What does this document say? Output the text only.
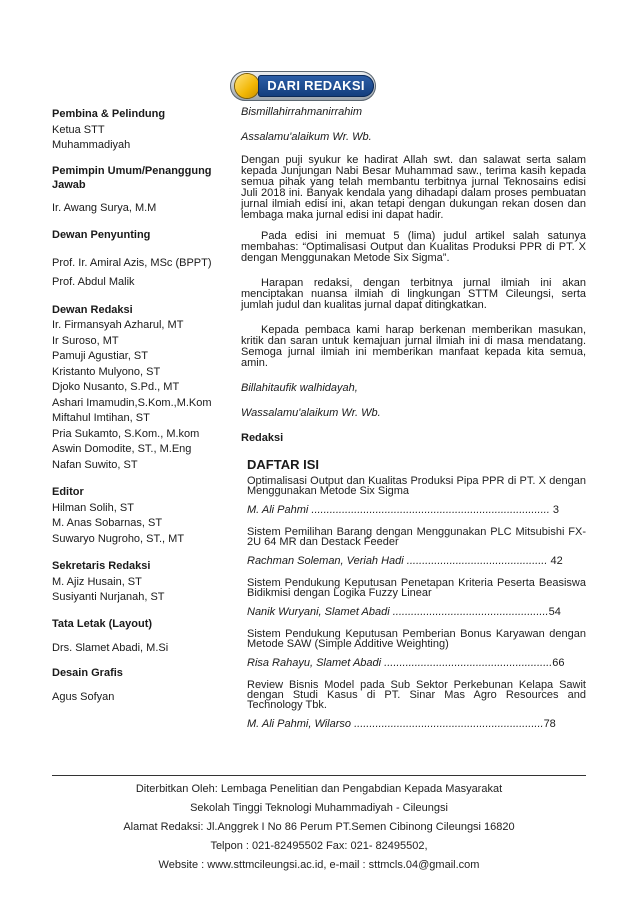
DARI REDAKSI
Pembina & Pelindung
Ketua STT
Muhammadiyah
Pemimpin Umum/Penanggung Jawab
Ir. Awang Surya, M.M
Dewan Penyunting
Prof. Ir. Amiral Azis, MSc (BPPT)
Prof. Abdul Malik
Dewan Redaksi
Ir. Firmansyah Azharul, MT
Ir Suroso, MT
Pamuji Agustiar, ST
Kristanto Mulyono, ST
Djoko Nusanto, S.Pd., MT
Ashari Imamudin,S.Kom.,M.Kom
Miftahul Imtihan, ST
Pria Sukamto, S.Kom., M.kom
Aswin Domodite, ST., M.Eng
Nafan Suwito, ST
Editor
Hilman Solih, ST
M. Anas Sobarnas, ST
Suwaryo Nugroho, ST., MT
Sekretaris Redaksi
M. Ajiz Husain, ST
Susiyanti Nurjanah, ST
Tata Letak (Layout)
Drs. Slamet Abadi, M.Si
Desain Grafis
Agus Sofyan

Bismillahirrahmanirrahim

Assalamu'alaikum Wr. Wb.

Dengan puji syukur ke hadirat Allah swt. dan salawat serta salam kepada Junjungan Nabi Besar Muhammad saw., terima kasih kepada semua pihak yang telah membantu terbitnya jurnal Teknosains edisi Juli 2018 ini. Banyak kendala yang dihadapi dalam proses pembuatan jurnal ilmiah edisi ini, akan tetapi dengan dukungan rekan dosen dan lembaga maka jurnal edisi ini dapat hadir.

Pada edisi ini memuat 5 (lima) judul artikel salah satunya membahas: “Optimalisasi Output dan Kualitas Produksi PPR di PT. X dengan Menggunakan Metode Six Sigma”.

Harapan redaksi, dengan terbitnya jurnal ilmiah ini akan menciptakan nuansa ilmiah di lingkungan STTM Cileungsi, serta jumlah judul dan kualitas jurnal dapat ditingkatkan.

Kepada pembaca kami harap berkenan memberikan masukan, kritik dan saran untuk kemajuan jurnal ilmiah ini di masa mendatang. Semoga jurnal ilmiah ini memberikan manfaat kepada kita semua, amin.

Billahitaufik walhidayah,

Wassalamu'alaikum Wr. Wb.

Redaksi

DAFTAR ISI
Optimalisasi Output dan Kualitas Produksi Pipa PPR di PT. X dengan Menggunakan Metode Six Sigma
M. Ali Pahmi .............................................................................. 3
Sistem Pemilihan Barang dengan Menggunakan PLC Mitsubishi FX-2U 64 MR dan Destack Feeder
Rachman Soleman, Veriah Hadi .............................................. 42
Sistem Pendukung Keputusan Penetapan Kriteria Peserta Beasiswa Bidikmisi dengan Logika Fuzzy Linear
Nanik Wuryani, Slamet Abadi ...................................................54
Sistem Pendukung Keputusan Pemberian Bonus Karyawan dengan Metode SAW (Simple Additive Weighting)
Risa Rahayu, Slamet Abadi .......................................................66
Review Bisnis Model pada Sub Sektor Perkebunan Kelapa Sawit dengan Studi Kasus di PT. Sinar Mas Agro Resources and Technology Tbk.
M. Ali Pahmi, Wilarso ..............................................................78
Diterbitkan Oleh: Lembaga Penelitian dan Pengabdian Kepada Masyarakat
Sekolah Tinggi Teknologi Muhammadiyah - Cileungsi
Alamat Redaksi: Jl.Anggrek I No 86 Perum PT.Semen Cibinong Cileungsi 16820
Telpon : 021-82495502 Fax: 021- 82495502,
Website : www.sttmcileungsi.ac.id, e-mail : sttmcls.04@gmail.com
